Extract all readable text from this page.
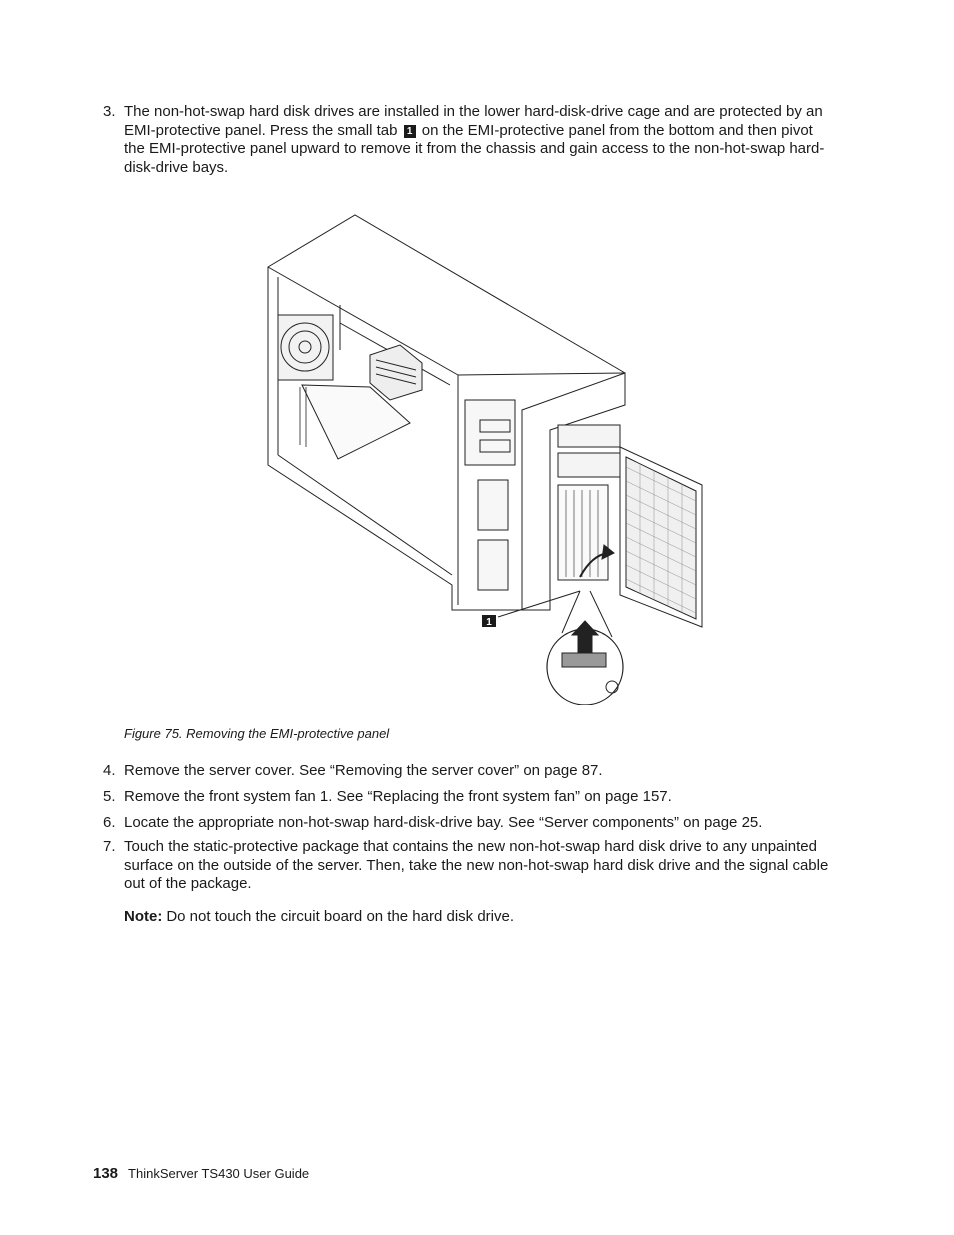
3. The non-hot-swap hard disk drives are installed in the lower hard-disk-drive cage and are protected by an EMI-protective panel. Press the small tab 1 on the EMI-protective panel from the bottom and then pivot the EMI-protective panel upward to remove it from the chassis and gain access to the non-hot-swap hard-disk-drive bays.
1
Figure 75. Removing the EMI-protective panel
4. Remove the server cover. See “Removing the server cover” on page 87.
5. Remove the front system fan 1. See “Replacing the front system fan” on page 157.
6. Locate the appropriate non-hot-swap hard-disk-drive bay. See “Server components” on page 25.
7. Touch the static-protective package that contains the new non-hot-swap hard disk drive to any unpainted surface on the outside of the server. Then, take the new non-hot-swap hard disk drive and the signal cable out of the package.
Note: Do not touch the circuit board on the hard disk drive.
138 ThinkServer TS430 User Guide
